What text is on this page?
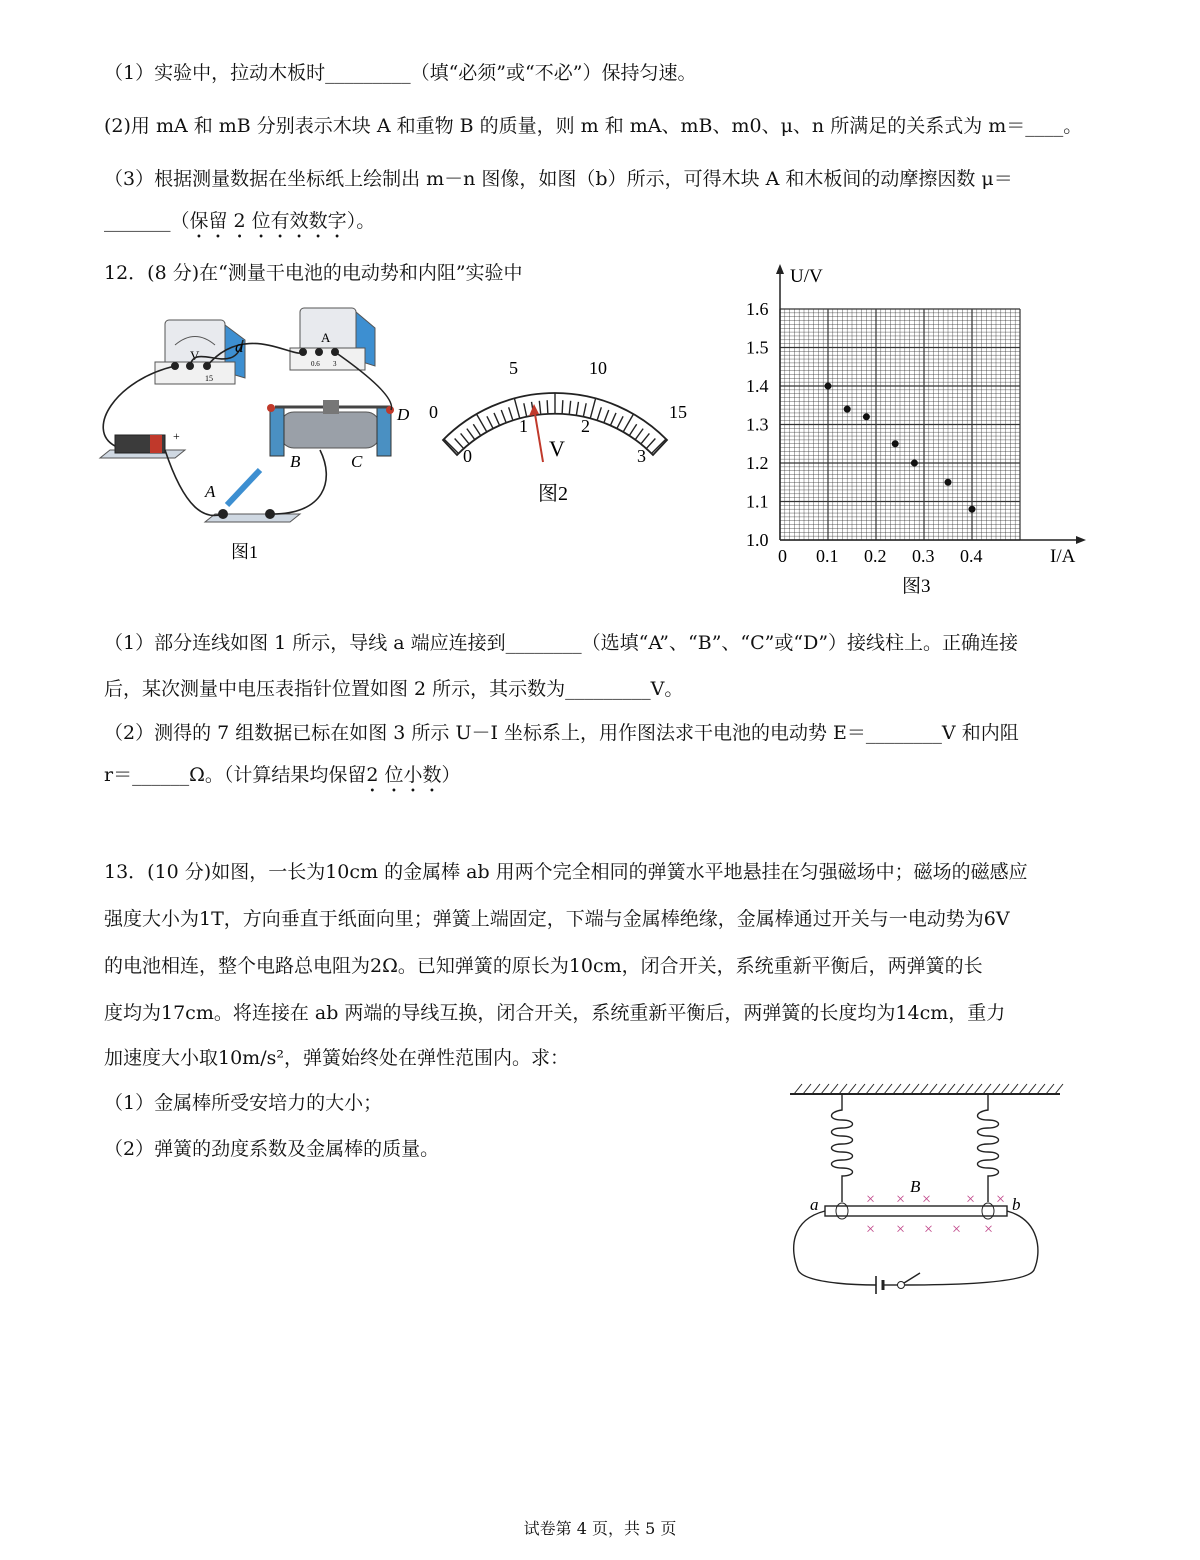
（1）实验中，拉动木板时_________（填“必须”或“不必”）保持匀速。
(2)用 mA 和 mB 分别表示木块 A 和重物 B 的质量，则 m 和 mA、mB、m0、μ、n 所满足的关系式为 m＝____。
（3）根据测量数据在坐标纸上绘制出 m－n 图像，如图（b）所示，可得木块 A 和木板间的动摩擦因数 μ＝
_______（保留 2 位有效数字）。
12．(8 分)在“测量干电池的电动势和内阻”实验中
V
15
A
0.6 3
+
a
A
B	C
D
图1
0
5	10
15
0
1	2
3
V
图2
U/V
I/A
0 0.1 0.2 0.3 0.4
1.0
1.1
1.2
1.3
1.4
1.5
1.6
图3
（1）部分连线如图 1 所示，导线 a 端应连接到________（选填“A”、“B”、“C”或“D”）接线柱上。正确连接
后，某次测量中电压表指针位置如图 2 所示，其示数为_________V。
（2）测得的 7 组数据已标在如图 3 所示 U－I 坐标系上，用作图法求干电池的电动势 E＝________V 和内阻
r＝______Ω。（计算结果均保留2 位小数）
13．(10 分)如图，一长为10cm 的金属棒 ab 用两个完全相同的弹簧水平地悬挂在匀强磁场中；磁场的磁感应
强度大小为1T，方向垂直于纸面向里；弹簧上端固定，下端与金属棒绝缘，金属棒通过开关与一电动势为6V
的电池相连，整个电路总电阻为2Ω。已知弹簧的原长为10cm，闭合开关，系统重新平衡后，两弹簧的长
度均为17cm。将连接在 ab 两端的导线互换，闭合开关，系统重新平衡后，两弹簧的长度均为14cm，重力
加速度大小取10m/s²，弹簧始终处在弹性范围内。求：
（1）金属棒所受安培力的大小；
（2）弹簧的劲度系数及金属棒的质量。
× × × × ×
× × × × ×
a	b
B
试卷第 4 页，共 5 页
